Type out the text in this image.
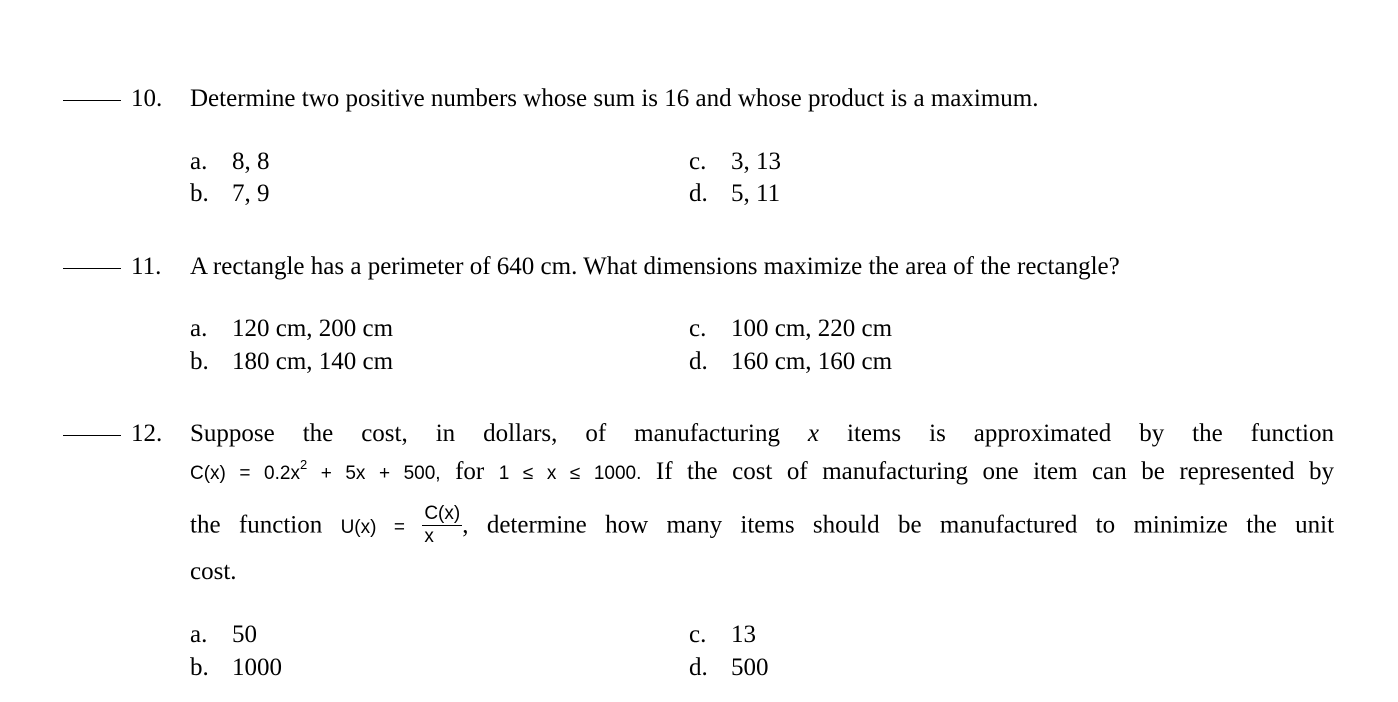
10.	Determine two positive numbers whose sum is 16 and whose product is a maximum.
a. 8, 8
b. 7, 9
c. 3, 13
d. 5, 11
11.	A rectangle has a perimeter of 640 cm. What dimensions maximize the area of the rectangle?
a. 120 cm, 200 cm
b. 180 cm, 140 cm
c. 100 cm, 220 cm
d. 160 cm, 160 cm
12.	Suppose the cost, in dollars, of manufacturing x items is approximated by the function
$C(x) = 0.2x^2 + 5x + 500$, for 1 ≤ x ≤ 1000. If the cost of manufacturing one item can be represented by
the function $U(x) = \frac{C(x)}{x}$ , determine how many items should be manufactured to minimize the unit
cost.
a. 50
b. 1000
c. 13
d. 500
